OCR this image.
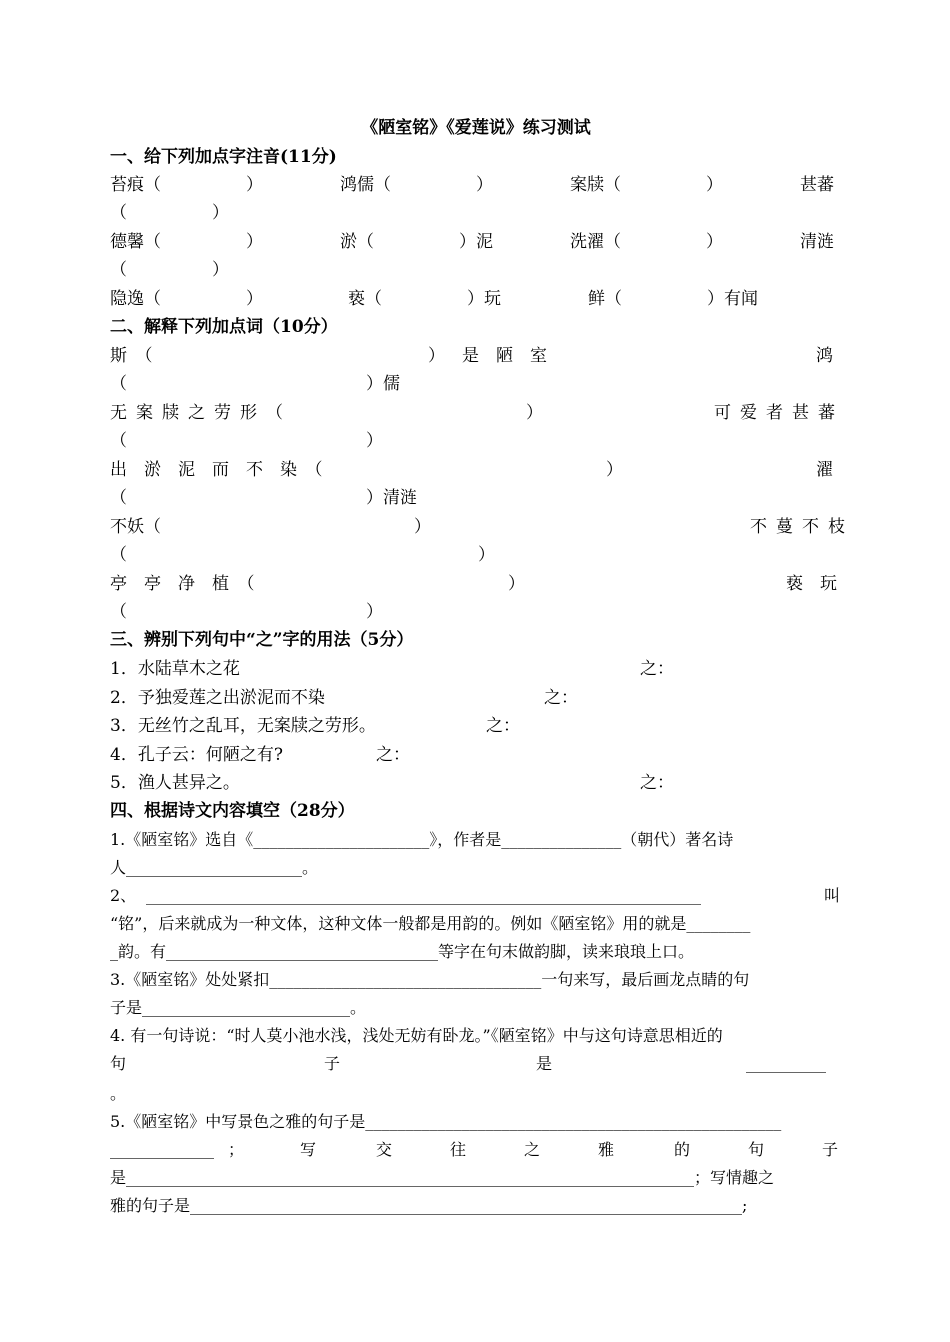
《陋室铭》《爱莲说》练习测试
一、给下列加点字注音(11分)
苔痕（　　　　　）	鸿儒（　　　　　）	案牍（　　　　　）	甚蕃
（　　　　　）
德馨（　　　　　）	淤（　　　　　）泥	洗濯（　　　　　）	清涟
（　　　　　）
隐逸（　　　　　）	亵（　　　　　）玩	鲜（　　　　　）有闻
二、解释下列加点词（10分）
斯　（	） 是　陋　室	鸿
（	）儒
无案牍之劳形（	）	可爱者甚蕃
（	）
出　淤　泥　而　不　染　（	）	濯
（	）清涟
不妖（	）	不蔓不枝
（	）
亭　亭　净　植　（	）	亵　玩
（	）
三、辨别下列句中“之”字的用法（5分）
1．水陆草木之花	之：
2．予独爱莲之出淤泥而不染	之：
3．无丝竹之乱耳，无案牍之劳形。	之：
4．孔子云：何陋之有?	之：
5．渔人甚异之。	之：
四、根据诗文内容填空（28分）
1.《陋室铭》选自《______________________》，作者是_______________（朝代）著名诗
人______________________。
2、 __________________________________________________________________________	叫
“铭”，后来就成为一种文体，这种文体一般都是用韵的。例如《陋室铭》用的就是________
_韵。有__________________________________等字在句末做韵脚，读来琅琅上口。
3.《陋室铭》处处紧扣__________________________________一句来写，最后画龙点睛的句
子是__________________________。
4. 有一句诗说：“时人莫小池水浅，浅处无妨有卧龙。”《陋室铭》中与这句诗意思相近的
句	子	是	__________
。
5.《陋室铭》中写景色之雅的句子是____________________________________________________
_____________ ；	写	交	往	之	雅	的	句	子
是_______________________________________________________________________；写情趣之
雅的句子是_____________________________________________________________________;
